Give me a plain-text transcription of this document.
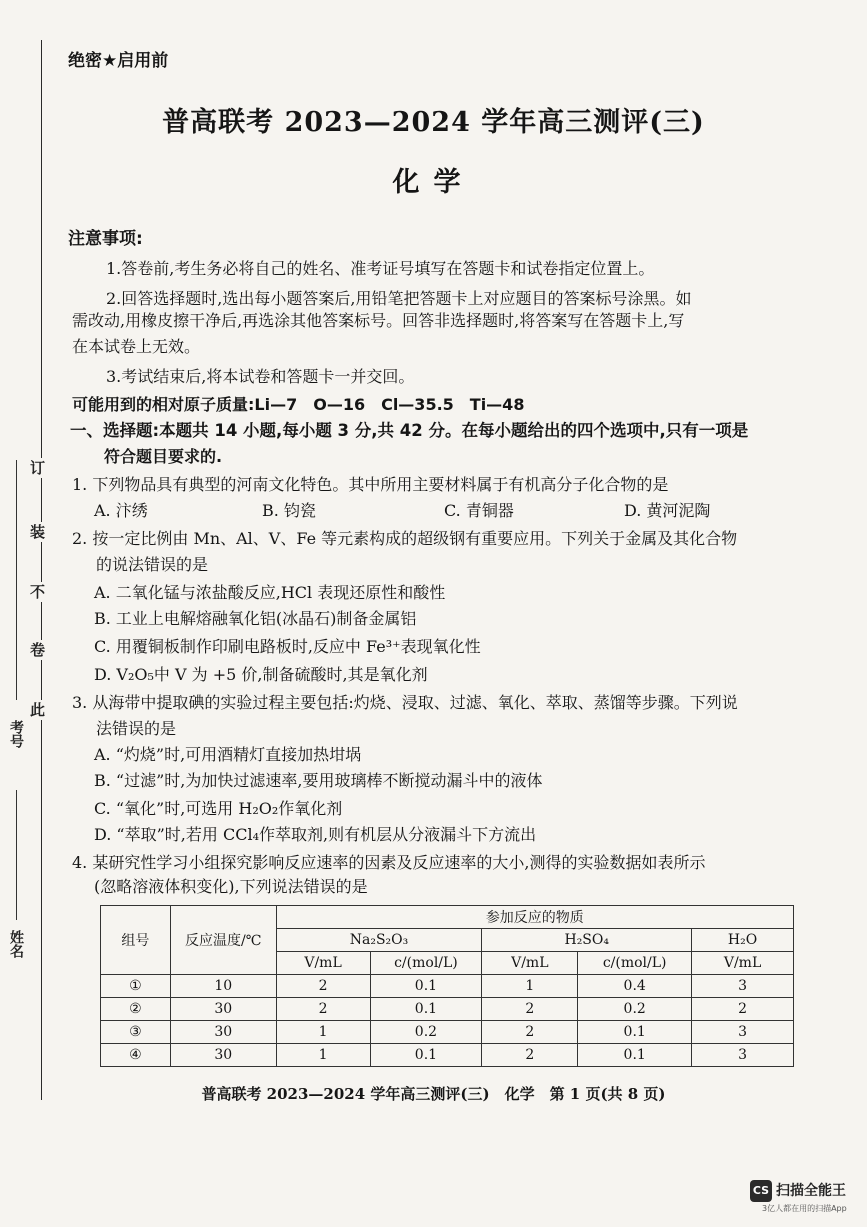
订
装
不
卷
此
考号
姓名
绝密★启用前
普高联考 2023—2024 学年高三测评(三)
化学
注意事项:
1.答卷前,考生务必将自己的姓名、准考证号填写在答题卡和试卷指定位置上。
2.回答选择题时,选出每小题答案后,用铅笔把答题卡上对应题目的答案标号涂黑。如
需改动,用橡皮擦干净后,再选涂其他答案标号。回答非选择题时,将答案写在答题卡上,写
在本试卷上无效。
3.考试结束后,将本试卷和答题卡一并交回。
可能用到的相对原子质量:Li—7　O—16　Cl—35.5　Ti—48
一、选择题:本题共 14 小题,每小题 3 分,共 42 分。在每小题给出的四个选项中,只有一项是
符合题目要求的.
1. 下列物品具有典型的河南文化特色。其中所用主要材料属于有机高分子化合物的是
A. 汴绣	B. 钧瓷	C. 青铜器	D. 黄河泥陶
2. 按一定比例由 Mn、Al、V、Fe 等元素构成的超级钢有重要应用。下列关于金属及其化合物
的说法错误的是
A. 二氧化锰与浓盐酸反应,HCl 表现还原性和酸性
B. 工业上电解熔融氧化铝(冰晶石)制备金属铝
C. 用覆铜板制作印刷电路板时,反应中 Fe³⁺表现氧化性
D. V₂O₅中 V 为 +5 价,制备硫酸时,其是氧化剂
3. 从海带中提取碘的实验过程主要包括:灼烧、浸取、过滤、氧化、萃取、蒸馏等步骤。下列说
法错误的是
A. “灼烧”时,可用酒精灯直接加热坩埚
B. “过滤”时,为加快过滤速率,要用玻璃棒不断搅动漏斗中的液体
C. “氧化”时,可选用 H₂O₂作氧化剂
D. “萃取”时,若用 CCl₄作萃取剂,则有机层从分液漏斗下方流出
4. 某研究性学习小组探究影响反应速率的因素及反应速率的大小,测得的实验数据如表所示
(忽略溶液体积变化),下列说法错误的是
组号	反应温度/℃	参加反应的物质				
		Na₂S₂O₃		H₂SO₄		H₂O
		V/mL	c/(mol/L)	V/mL	c/(mol/L)	V/mL
①	10	2	0.1	1	0.4	3
②	30	2	0.1	2	0.2	2
③	30	1	0.2	2	0.1	3
④	30	1	0.1	2	0.1	3
普高联考 2023—2024 学年高三测评(三)　化学　第 1 页(共 8 页)
CS 扫描全能王
3亿人都在用的扫描App
